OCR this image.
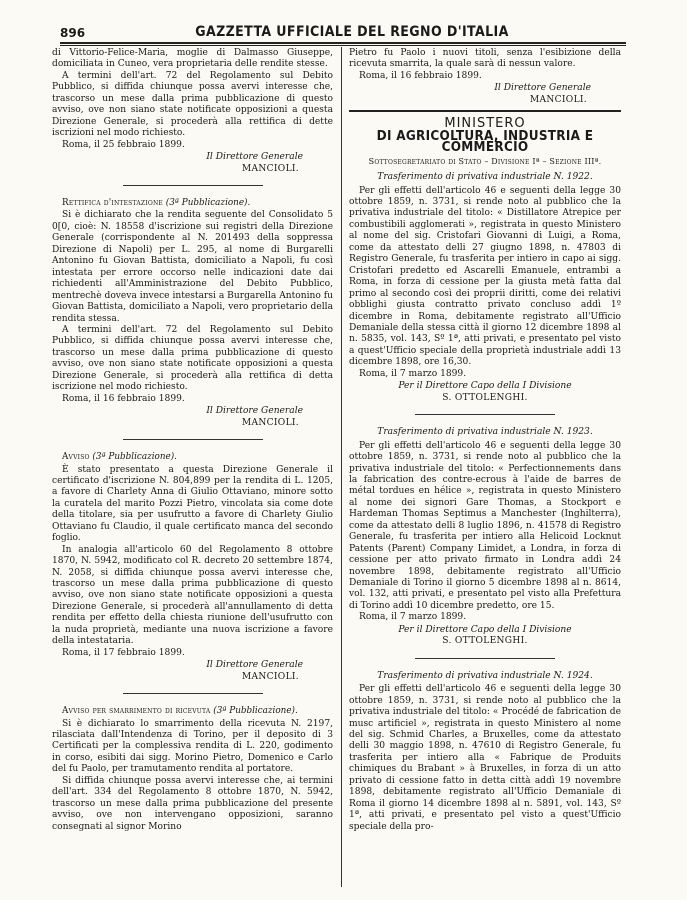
896	GAZZETTA UFFICIALE DEL REGNO D'ITALIA

di Vittorio-Felice-Maria, moglie di Dalmasso Giuseppe, domiciliata in Cuneo, vera proprietaria delle rendite stesse.

A termini dell'art. 72 del Regolamento sul Debito Pubblico, si diffida chiunque possa avervi interesse che, trascorso un mese dalla prima pubblicazione di questo avviso, ove non siano state notificate opposizioni a questa Direzione Generale, si procederà alla rettifica di dette iscrizioni nel modo richiesto.

Roma, il 25 febbraio 1899.

Il Direttore Generale
MANCIOLI.
Rettifica d'intestazione (3ª Pubblicazione).

Si è dichiarato che la rendita seguente del Consolidato 5 0[0, cioè: N. 18558 d'iscrizione sui registri della Direzione Generale (corrispondente al N. 201493 della soppressa Direzione di Napoli) per L. 295, al nome di Burgarelli Antonino fu Giovan Battista, domiciliato a Napoli, fu così intestata per errore occorso nelle indicazioni date dai richiedenti all'Amministrazione del Debito Pubblico, mentrechè doveva invece intestarsi a Burgarella Antonino fu Giovan Battista, domiciliato a Napoli, vero proprietario della rendita stessa.

A termini dell'art. 72 del Regolamento sul Debito Pubblico, si diffida chiunque possa avervi interesse che, trascorso un mese dalla prima pubblicazione di questo avviso, ove non siano state notificate opposizioni a questa Direzione Generale, si procederà alla rettifica di detta iscrizione nel modo richiesto.

Roma, il 16 febbraio 1899.

Il Direttore Generale
MANCIOLI.
Avviso (3ª Pubblicazione).

È stato presentato a questa Direzione Generale il certificato d'iscrizione N. 804,899 per la rendita di L. 1205, a favore di Charlety Anna di Giulio Ottaviano, minore sotto la curatela del marito Pozzi Pietro, vincolata sia come dote della titolare, sia per usufrutto a favore di Charlety Giulio Ottaviano fu Claudio, il quale certificato manca del secondo foglio.

In analogia all'articolo 60 del Regolamento 8 ottobre 1870, N. 5942, modificato col R. decreto 20 settembre 1874, N. 2058, si diffida chiunque possa avervi interesse che, trascorso un mese dalla prima pubblicazione di questo avviso, ove non siano state notificate opposizioni a questa Direzione Generale, si procederà all'annullamento di detta rendita per effetto della chiesta riunione dell'usufrutto con la nuda proprietà, mediante una nuova iscrizione a favore della intestataria.

Roma, il 17 febbraio 1899.

Il Direttore Generale
MANCIOLI.
Avviso per smarrimento di ricevuta (3ª Pubblicazione).

Si è dichiarato lo smarrimento della ricevuta N. 2197, rilasciata dall'Intendenza di Torino, per il deposito di 3 Certificati per la complessiva rendita di L. 220, godimento in corso, esibiti dai sigg. Morino Pietro, Domenico e Carlo del fu Paolo, per tramutamento rendita al portatore.

Si diffida chiunque possa avervi interesse che, ai termini dell'art. 334 del Regolamento 8 ottobre 1870, N. 5942, trascorso un mese dalla prima pubblicazione del presente avviso, ove non intervengano opposizioni, saranno consegnati al signor Morino

Pietro fu Paolo i nuovi titoli, senza l'esibizione della ricevuta smarrita, la quale sarà di nessun valore.

Roma, il 16 febbraio 1899.

Il Direttore Generale
MANCIOLI.
MINISTERO
DI AGRICOLTURA, INDUSTRIA E COMMERCIO
Sottosegretariato di Stato – Divisione Iª – Sezione IIIª.
Trasferimento di privativa industriale N. 1922.

Per gli effetti dell'articolo 46 e seguenti della legge 30 ottobre 1859, n. 3731, si rende noto al pubblico che la privativa industriale del titolo: « Distillatore Atrepice per combustibili agglomerati », registrata in questo Ministero al nome del sig. Cristofari Giovanni di Luigi, a Roma, come da attestato delli 27 giugno 1898, n. 47803 di Registro Generale, fu trasferita per intiero in capo ai sigg. Cristofari predetto ed Ascarelli Emanuele, entrambi a Roma, in forza di cessione per la giusta metà fatta dal primo al secondo così dei proprii diritti, come dei relativi obblighi giusta contratto privato concluso addì 1º dicembre in Roma, debitamente registrato all'Ufficio Demaniale della stessa città il giorno 12 dicembre 1898 al n. 5835, vol. 143, Sº 1ª, atti privati, e presentato pel visto a quest'Ufficio speciale della proprietà industriale addì 13 dicembre 1898, ore 16,30.

Roma, il 7 marzo 1899.

Per il Direttore Capo della I Divisione
S. OTTOLENGHI.
Trasferimento di privativa industriale N. 1923.

Per gli effetti dell'articolo 46 e seguenti della legge 30 ottobre 1859, n. 3731, si rende noto al pubblico che la privativa industriale del titolo: « Perfectionnements dans la fabrication des contre-ecrous à l'aide de barres de métal tordues en hélice », registrata in questo Ministero al nome dei signori Gare Thomas, a Stockport e Hardeman Thomas Septimus a Manchester (Inghilterra), come da attestato delli 8 luglio 1896, n. 41578 di Registro Generale, fu trasferita per intiero alla Helicoid Locknut Patents (Parent) Company Limidet, a Londra, in forza di cessione per atto privato firmato in Londra addì 24 novembre 1898, debitamente registrato all'Ufficio Demaniale di Torino il giorno 5 dicembre 1898 al n. 8614, vol. 132, atti privati, e presentato pel visto alla Prefettura di Torino addì 10 dicembre predetto, ore 15.

Roma, il 7 marzo 1899.

Per il Direttore Capo della I Divisione
S. OTTOLENGHI.
Trasferimento di privativa industriale N. 1924.

Per gli effetti dell'articolo 46 e seguenti della legge 30 ottobre 1859, n. 3731, si rende noto al pubblico che la privativa industriale del titolo: « Procédé de fabrication de musc artificiel », registrata in questo Ministero al nome del sig. Schmid Charles, a Bruxelles, come da attestato delli 30 maggio 1898, n. 47610 di Registro Generale, fu trasferita per intiero alla « Fabrique de Produits chimiques du Brabant » à Bruxelles, in forza di un atto privato di cessione fatto in detta città addì 19 novembre 1898, debitamente registrato all'Ufficio Demaniale di Roma il giorno 14 dicembre 1898 al n. 5891, vol. 143, Sº 1ª, atti privati, e presentato pel visto a quest'Ufficio speciale della pro-
